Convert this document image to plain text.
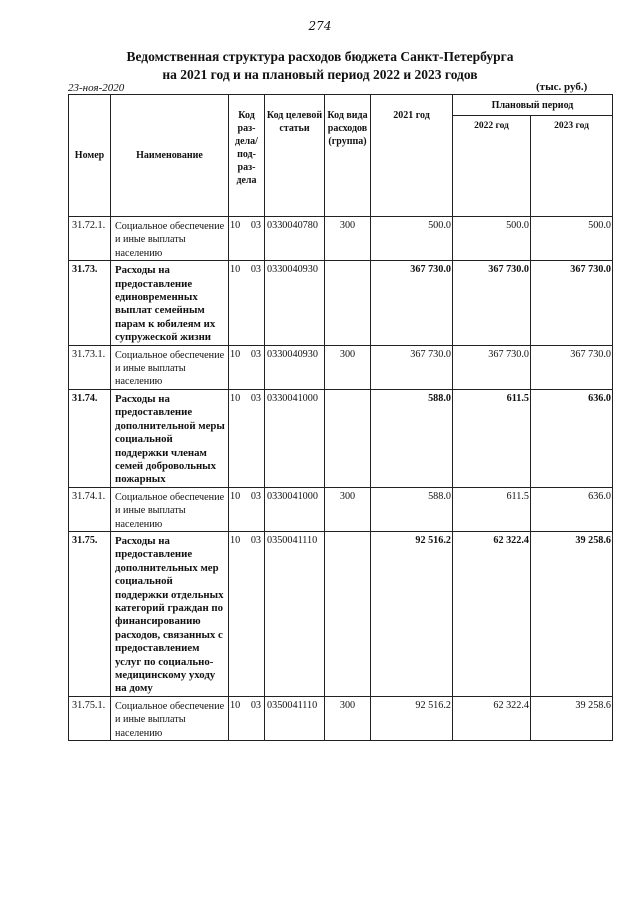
274
Ведомственная структура расходов бюджета Санкт-Петербурга
на 2021 год и на плановый период 2022 и 2023 годов
23-ноя-2020	(тыс. руб.)
Номер	Наименование	Код раз-дела/ под-раз-дела	Код целевой статьи	Код вида расходов (группа)	2021 год	Плановый период	
						2022 год	2023 год
31.72.1.	Социальное обеспечение и иные выплаты населению	10 03	0330040780	300	500.0	500.0	500.0
31.73.	Расходы на предоставление единовременных выплат семейным парам к юбилеям их супружеской жизни	10 03	0330040930		367 730.0	367 730.0	367 730.0
31.73.1.	Социальное обеспечение и иные выплаты населению	10 03	0330040930	300	367 730.0	367 730.0	367 730.0
31.74.	Расходы на предоставление дополнительной меры социальной поддержки членам семей добровольных пожарных	10 03	0330041000		588.0	611.5	636.0
31.74.1.	Социальное обеспечение и иные выплаты населению	10 03	0330041000	300	588.0	611.5	636.0
31.75.	Расходы на предоставление дополнительных мер социальной поддержки отдельных категорий граждан по финансированию расходов, связанных с предоставлением услуг по социально-медицинскому уходу на дому	10 03	0350041110		92 516.2	62 322.4	39 258.6
31.75.1.	Социальное обеспечение и иные выплаты населению	10 03	0350041110	300	92 516.2	62 322.4	39 258.6
